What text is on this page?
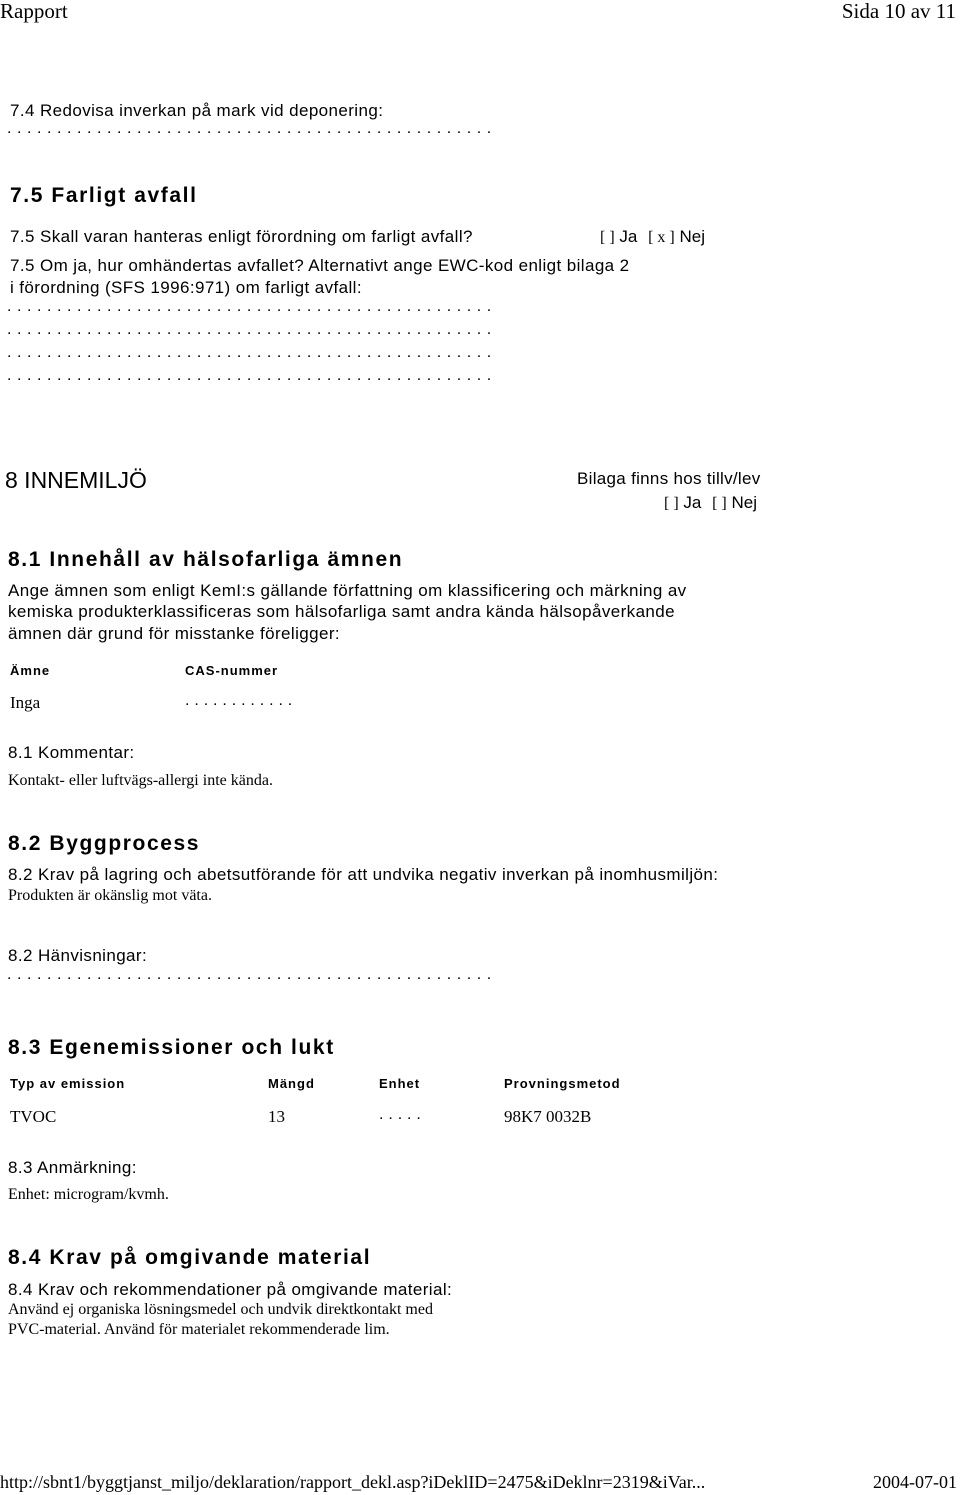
Rapport	Sida 10 av 11
7.4 Redovisa inverkan på mark vid deponering:
.................................................
7.5 Farligt avfall
7.5 Skall varan hanteras enligt förordning om farligt avfall?	[ ] Ja [ x ] Nej
7.5 Om ja, hur omhändertas avfallet? Alternativt ange EWC-kod enligt bilaga 2
i förordning (SFS 1996:971) om farligt avfall:
.................................................
.................................................
.................................................
.................................................
8 INNEMILJÖ	Bilaga finns hos tillv/lev
[ ] Ja [ ] Nej
8.1 Innehåll av hälsofarliga ämnen
Ange ämnen som enligt KemI:s gällande författning om klassificering och märkning av
kemiska produkterklassificeras som hälsofarliga samt andra kända hälsopåverkande
ämnen där grund för misstanke föreligger:
Ämne	CAS-nummer
Inga	............
8.1 Kommentar:
Kontakt- eller luftvägs-allergi inte kända.
8.2 Byggprocess
8.2 Krav på lagring och abetsutförande för att undvika negativ inverkan på inomhusmiljön:
Produkten är okänslig mot väta.
8.2 Hänvisningar:
.................................................
8.3 Egenemissioner och lukt
Typ av emission	Mängd	Enhet	Provningsmetod
TVOC	13	.....	98K7 0032B
8.3 Anmärkning:
Enhet: microgram/kvmh.
8.4 Krav på omgivande material
8.4 Krav och rekommendationer på omgivande material:
Använd ej organiska lösningsmedel och undvik direktkontakt med
PVC-material. Använd för materialet rekommenderade lim.
http://sbnt1/byggtjanst_miljo/deklaration/rapport_dekl.asp?iDeklID=2475&iDeklnr=2319&iVar...	2004-07-01
